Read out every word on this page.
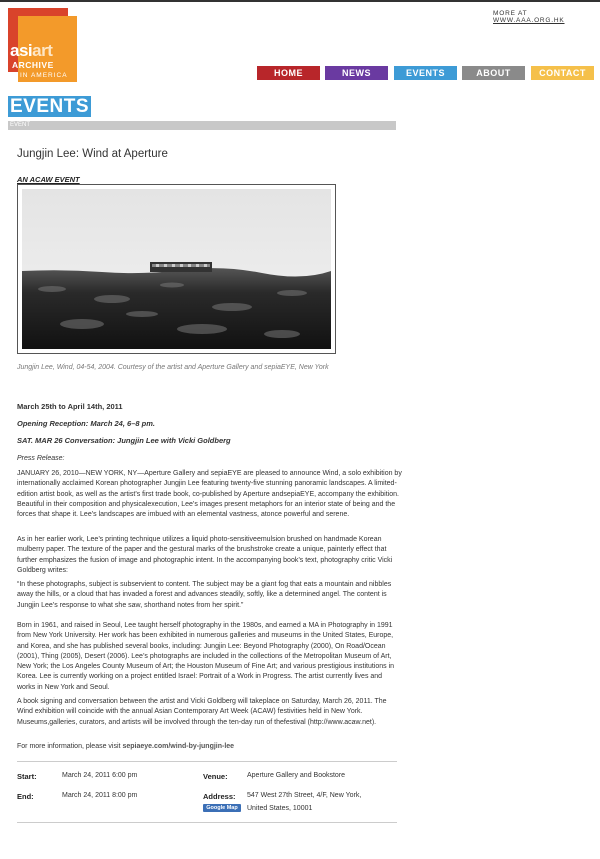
asiart
ARCHIVE
IN AMERICA
MORE AT WWW.AAA.ORG.HK
HOME	NEWS	EVENTS	ABOUT	CONTACT
EVENTS
EVENT
Jungjin Lee: Wind at Aperture
AN ACAW EVENT
Jungjin Lee, Wind, 04-54, 2004. Courtesy of the artist and Aperture Gallery and sepiaEYE, New York
March 25th to April 14th, 2011
Opening Reception: March 24, 6–8 pm.
SAT. MAR 26 Conversation: Jungjin Lee with Vicki Goldberg
Press Release:
JANUARY 26, 2010—NEW YORK, NY—Aperture Gallery and sepiaEYE are pleased to announce Wind, a solo exhibition by internationally acclaimed Korean photographer Jungjin Lee featuring twenty-five stunning panoramic landscapes. A limited-edition artist book, as well as the artist’s first trade book, co-published by Aperture andsepiaEYE, accompany the exhibition. Beautiful in their composition and physicalexecution, Lee’s images present metaphors for an interior state of being and the forces that shape it. Lee’s landscapes are imbued with an elemental vastness, atonce powerful and serene.
As in her earlier work, Lee’s printing technique utilizes a liquid photo-sensitiveemulsion brushed on handmade Korean mulberry paper. The texture of the paper and the gestural marks of the brushstroke create a unique, painterly effect that further emphasizes the fusion of image and photographic intent. In the accompanying book’s text, photography critic Vicki Goldberg writes:
“In these photographs, subject is subservient to content. The subject may be a giant fog that eats a mountain and nibbles away the hills, or a cloud that has invaded a forest and advances steadily, softly, like a determined angel. The content is Jungjin Lee’s response to what she saw, shorthand notes from her spirit.”
Born in 1961, and raised in Seoul, Lee taught herself photography in the 1980s, and earned a MA in Photography in 1991 from New York University. Her work has been exhibited in numerous galleries and museums in the United States, Europe, and Korea, and she has published several books, including: Jungjin Lee: Beyond Photography (2000), On Road/Ocean (2001), Thing (2005), Desert (2006). Lee’s photographs are included in the collections of the Metropolitan Museum of Art, New York; the Los Angeles County Museum of Art; the Houston Museum of Fine Art; and various prestigious institutions in Korea. Lee is currently working on a project entitled Israel: Portrait of a Work in Progress. The artist currently lives and works in New York and Seoul.
A book signing and conversation between the artist and Vicki Goldberg will takeplace on Saturday, March 26, 2011. The Wind exhibition will coincide with the annual Asian Contemporary Art Week (ACAW) festivities held in New York. Museums,galleries, curators, and artists will be involved through the ten-day run of thefestival (http://www.acaw.net).
For more information, please visit sepiaeye.com/wind-by-jungjin-lee
Start:	March 24, 2011 6:00 pm	Venue:	Aperture Gallery and Bookstore
End:	March 24, 2011 8:00 pm	Address: 547 West 27th Street, 4/F, New York,
United States, 10001
Google Map
